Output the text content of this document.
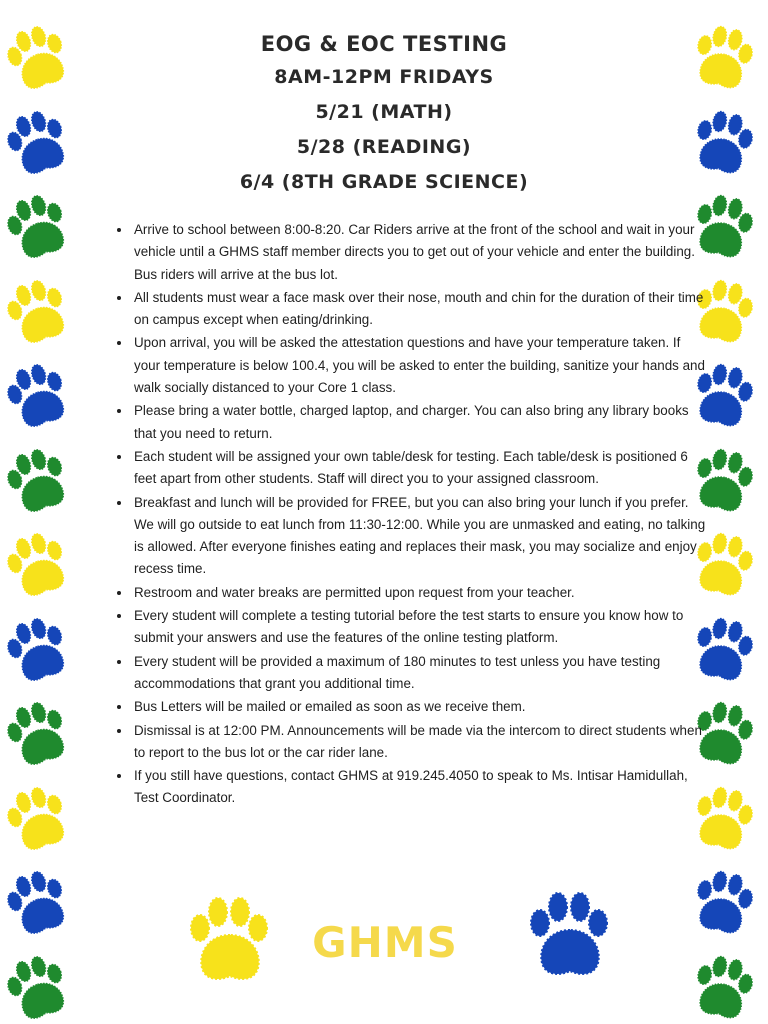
EOG & EOC TESTING
8AM-12PM FRIDAYS
5/21 (MATH)
5/28 (READING)
6/4 (8TH GRADE SCIENCE)
• Arrive to school between 8:00-8:20. Car Riders arrive at the front of the school and wait in your vehicle until a GHMS staff member directs you to get out of your vehicle and enter the building. Bus riders will arrive at the bus lot.
• All students must wear a face mask over their nose, mouth and chin for the duration of their time on campus except when eating/drinking.
• Upon arrival, you will be asked the attestation questions and have your temperature taken. If your temperature is below 100.4, you will be asked to enter the building, sanitize your hands and walk socially distanced to your Core 1 class.
• Please bring a water bottle, charged laptop, and charger. You can also bring any library books that you need to return.
• Each student will be assigned your own table/desk for testing. Each table/desk is positioned 6 feet apart from other students. Staff will direct you to your assigned classroom.
• Breakfast and lunch will be provided for FREE, but you can also bring your lunch if you prefer. We will go outside to eat lunch from 11:30-12:00. While you are unmasked and eating, no talking is allowed. After everyone finishes eating and replaces their mask, you may socialize and enjoy recess time.
• Restroom and water breaks are permitted upon request from your teacher.
• Every student will complete a testing tutorial before the test starts to ensure you know how to submit your answers and use the features of the online testing platform.
• Every student will be provided a maximum of 180 minutes to test unless you have testing accommodations that grant you additional time.
• Bus Letters will be mailed or emailed as soon as we receive them.
• Dismissal is at 12:00 PM. Announcements will be made via the intercom to direct students when to report to the bus lot or the car rider lane.
• If you still have questions, contact GHMS at 919.245.4050 to speak to Ms. Intisar Hamidullah, Test Coordinator.
GHMS
